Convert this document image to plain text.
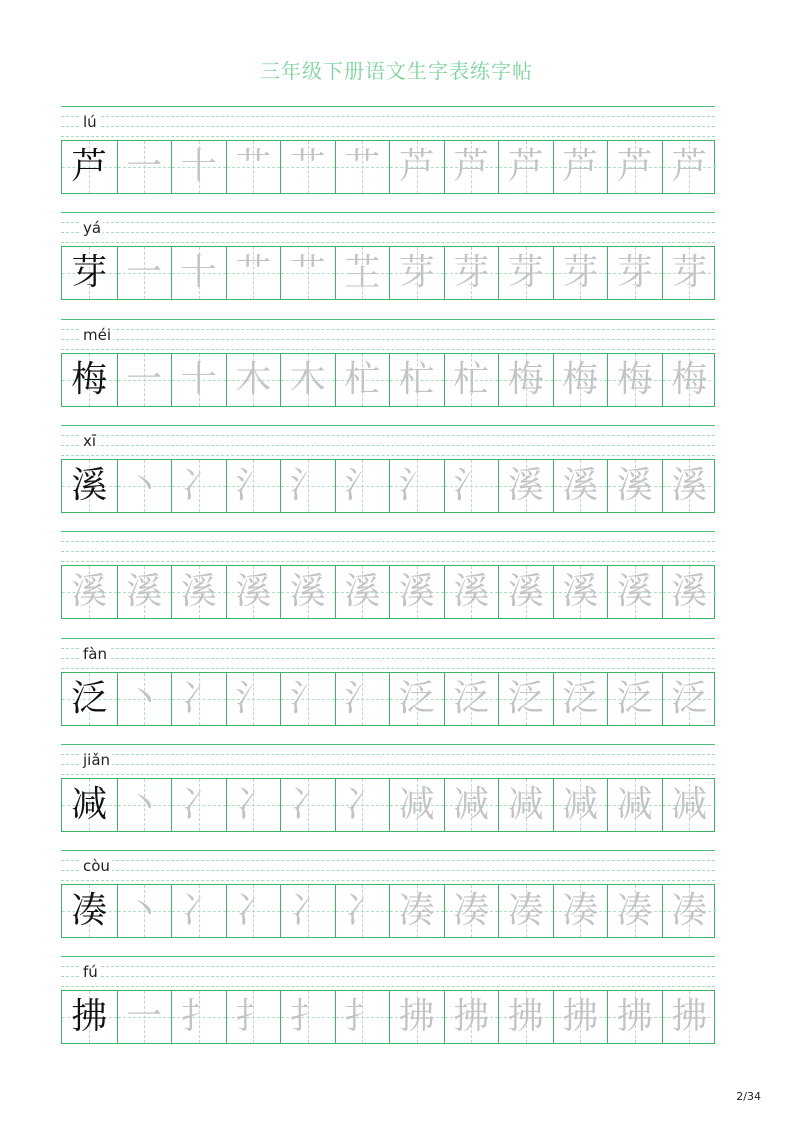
三年级下册语文生字表练字帖
lú
芦 一 十 艹 艹 艹 芦 芦 芦 芦 芦 芦
yá
芽 一 十 艹 艹 芏 芽 芽 芽 芽 芽 芽
méi
梅 一 十 木 木 杧 杧 杧 梅 梅 梅 梅
xī
溪 丶 冫 氵 氵 氵 氵 氵 溪 溪 溪 溪
溪 溪 溪 溪 溪 溪 溪 溪 溪 溪 溪 溪
fàn
泛 丶 冫 氵 氵 氵 泛 泛 泛 泛 泛 泛
jiǎn
减 丶 冫 冫 冫 冫 减 减 减 减 减 减
còu
凑 丶 冫 冫 冫 冫 凑 凑 凑 凑 凑 凑
fú
拂 一 扌 扌 扌 扌 拂 拂 拂 拂 拂 拂
2/34
